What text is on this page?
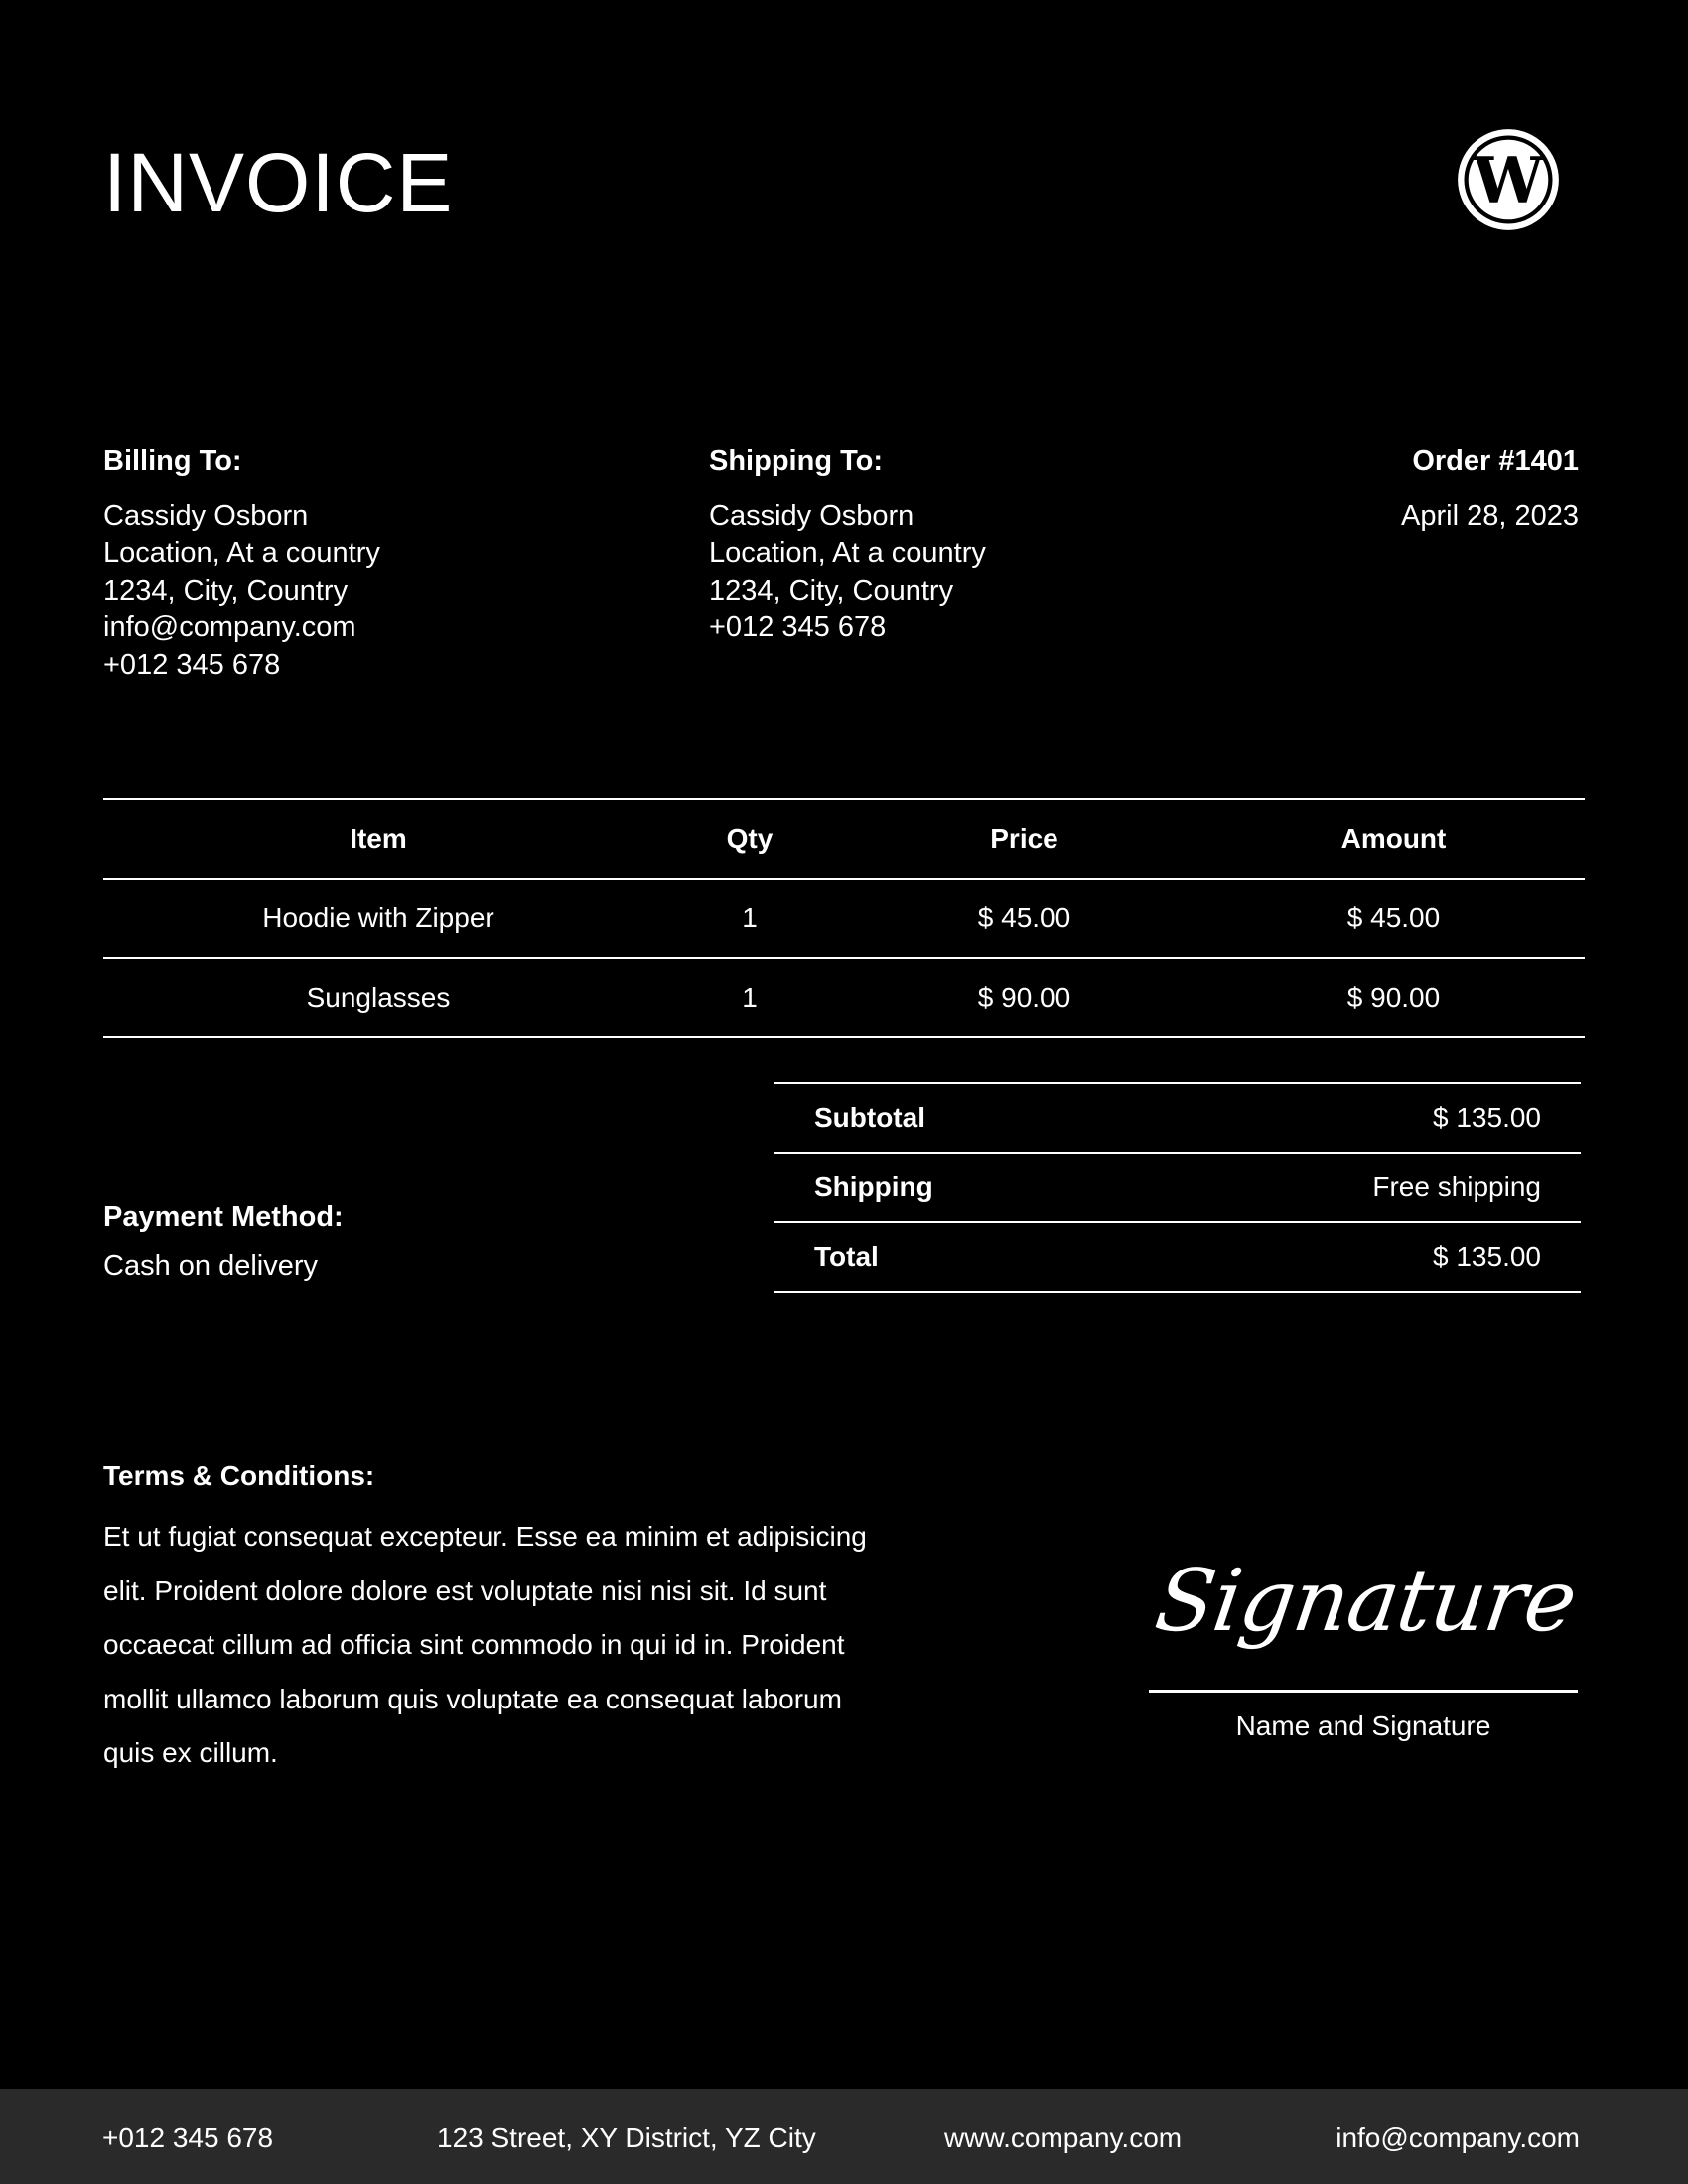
INVOICE	W
Billing To:
Cassidy Osborn
Location, At a country
1234, City, Country
info@company.com
+012 345 678
Shipping To:
Cassidy Osborn
Location, At a country
1234, City, Country
+012 345 678
Order #1401
April 28, 2023
Item	Qty	Price	Amount
Hoodie with Zipper	1	$ 45.00	$ 45.00
Sunglasses	1	$ 90.00	$ 90.00
Payment Method:
Cash on delivery
Subtotal	$ 135.00
Shipping	Free shipping
Total	$ 135.00
Terms & Conditions:
Et ut fugiat consequat excepteur. Esse ea minim et adipisicing elit. Proident dolore dolore est voluptate nisi nisi sit. Id sunt occaecat cillum ad officia sint commodo in qui id in. Proident mollit ullamco laborum quis voluptate ea consequat laborum quis ex cillum.
Signature
Name and Signature
+012 345 678	123 Street, XY District, YZ City	www.company.com	info@company.com
